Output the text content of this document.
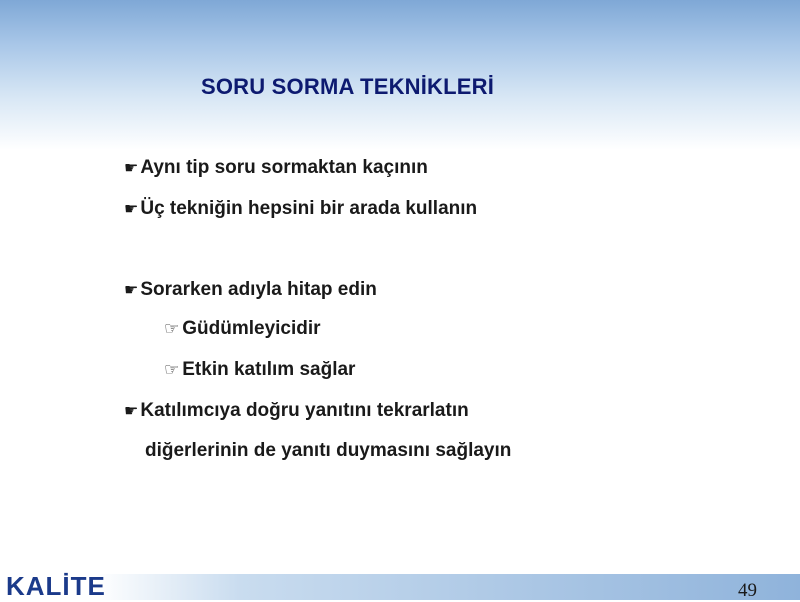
SORU SORMA TEKNİKLERİ
☛ Aynı tip soru sormaktan kaçının
☛ Üç tekniğin hepsini bir arada kullanın
☛ Sorarken adıyla hitap edin
☞ Güdümleyicidir
☞ Etkin katılım sağlar
☛ Katılımcıya doğru yanıtını tekrarlatın
diğerlerinin de yanıtı duymasını sağlayın
KALİTE	49
